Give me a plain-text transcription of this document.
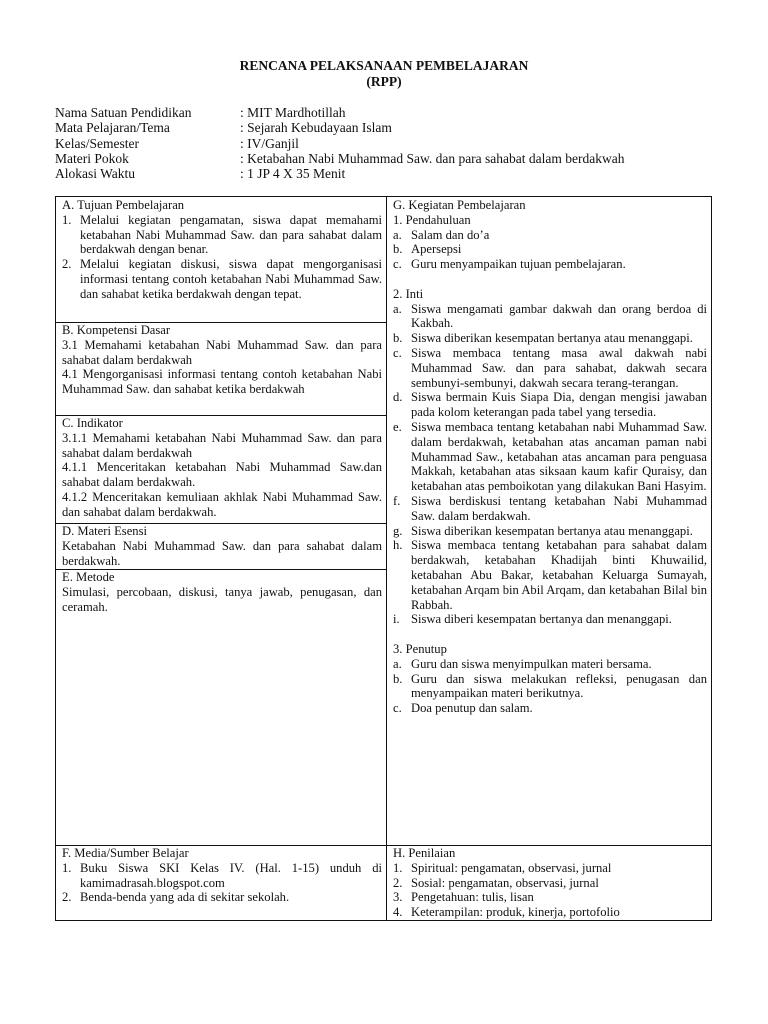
RENCANA PELAKSANAAN PEMBELAJARAN
(RPP)
Nama Satuan Pendidikan	: MIT Mardhotillah
Mata Pelajaran/Tema	: Sejarah Kebudayaan Islam
Kelas/Semester	: IV/Ganjil
Materi Pokok	: Ketabahan Nabi Muhammad Saw. dan para sahabat dalam berdakwah
Alokasi Waktu	: 1 JP 4 X 35 Menit
A. Tujuan Pembelajaran
1. Melalui kegiatan pengamatan, siswa dapat memahami ketabahan Nabi Muhammad Saw. dan para sahabat dalam berdakwah dengan benar.
2. Melalui kegiatan diskusi, siswa dapat mengorganisasi informasi tentang contoh ketabahan Nabi Muhammad Saw. dan sahabat ketika berdakwah dengan tepat.
B. Kompetensi Dasar
3.1 Memahami ketabahan Nabi Muhammad Saw. dan para sahabat dalam berdakwah
4.1 Mengorganisasi informasi tentang contoh ketabahan Nabi Muhammad Saw. dan sahabat ketika berdakwah
C. Indikator
3.1.1 Memahami ketabahan Nabi Muhammad Saw. dan para sahabat dalam berdakwah
4.1.1 Menceritakan ketabahan Nabi Muhammad Saw.dan sahabat dalam berdakwah.
4.1.2 Menceritakan kemuliaan akhlak Nabi Muhammad Saw. dan sahabat dalam berdakwah.
D. Materi Esensi
Ketabahan Nabi Muhammad Saw. dan para sahabat dalam berdakwah.
E. Metode
Simulasi, percobaan, diskusi, tanya jawab, penugasan, dan ceramah.
F. Media/Sumber Belajar
1. Buku Siswa SKI Kelas IV. (Hal. 1-15) unduh di kamimadrasah.blogspot.com
2. Benda-benda yang ada di sekitar sekolah.
G. Kegiatan Pembelajaran
1. Pendahuluan
a. Salam dan do’a
b. Apersepsi
c. Guru menyampaikan tujuan pembelajaran.
2. Inti
a. Siswa mengamati gambar dakwah dan orang berdoa di Kakbah.
b. Siswa diberikan kesempatan bertanya atau menanggapi.
c. Siswa membaca tentang masa awal dakwah nabi Muhammad Saw. dan para sahabat, dakwah secara sembunyi-sembunyi, dakwah secara terang-terangan.
d. Siswa bermain Kuis Siapa Dia, dengan mengisi jawaban pada kolom keterangan pada tabel yang tersedia.
e. Siswa membaca tentang ketabahan nabi Muhammad Saw. dalam berdakwah, ketabahan atas ancaman paman nabi Muhammad Saw., ketabahan atas ancaman para penguasa Makkah, ketabahan atas siksaan kaum kafir Quraisy, dan ketabahan atas pemboikotan yang dilakukan Bani Hasyim.
f. Siswa berdiskusi tentang ketabahan Nabi Muhammad Saw. dalam berdakwah.
g. Siswa diberikan kesempatan bertanya atau menanggapi.
h. Siswa membaca tentang ketabahan para sahabat dalam berdakwah, ketabahan Khadijah binti Khuwailid, ketabahan Abu Bakar, ketabahan Keluarga Sumayah, ketabahan Arqam bin Abil Arqam, dan ketabahan Bilal bin Rabbah.
i. Siswa diberi kesempatan bertanya dan menanggapi.
3. Penutup
a. Guru dan siswa menyimpulkan materi bersama.
b. Guru dan siswa melakukan refleksi, penugasan dan menyampaikan materi berikutnya.
c. Doa penutup dan salam.
H. Penilaian
1. Spiritual: pengamatan, observasi, jurnal
2. Sosial: pengamatan, observasi, jurnal
3. Pengetahuan: tulis, lisan
4. Keterampilan: produk, kinerja, portofolio
